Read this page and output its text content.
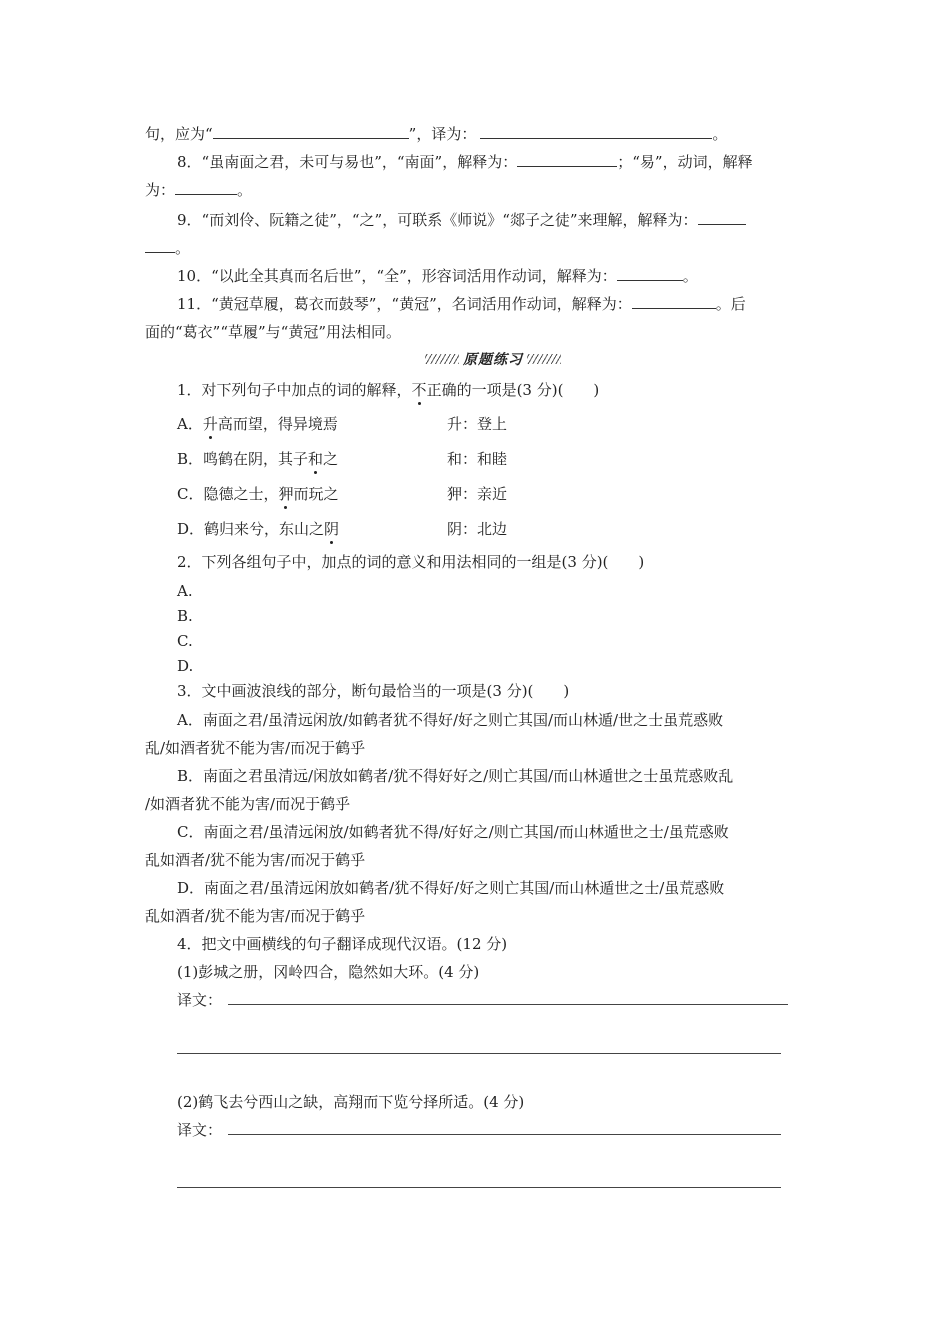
句，应为“	”，译为：	。
8．“虽南面之君，未可与易也”，“南面”，解释为：	；“易”，动词，解释
为：	。
9．“而刘伶、阮籍之徒”，“之”，可联系《师说》“郯子之徒”来理解，解释为：
。
10．“以此全其真而名后世”，“全”，形容词活用作动词，解释为：	。
11．“黄冠草履，葛衣而鼓琴”，“黄冠”，名词活用作动词，解释为：	。后
面的“葛衣”“草履”与“黄冠”用法相同。
原题练习
1．对下列句子中加点的词的解释，不正确的一项是(3 分)(　　)
A．升高而望，得异境焉	升：登上
B．鸣鹤在阴，其子和之	和：和睦
C．隐德之士，狎而玩之	狎：亲近
D．鹤归来兮，东山之阴	阴：北边
2．下列各组句子中，加点的词的意义和用法相同的一组是(3 分)(　　)
A.
B.
C.
D.
3．文中画波浪线的部分，断句最恰当的一项是(3 分)(　　)
A．南面之君/虽清远闲放/如鹤者犹不得好/好之则亡其国/而山林遁/世之士虽荒惑败
乱/如酒者犹不能为害/而况于鹤乎
B．南面之君虽清远/闲放如鹤者/犹不得好好之/则亡其国/而山林遁世之士虽荒惑败乱
/如酒者犹不能为害/而况于鹤乎
C．南面之君/虽清远闲放/如鹤者犹不得/好好之/则亡其国/而山林遁世之士/虽荒惑败
乱如酒者/犹不能为害/而况于鹤乎
D．南面之君/虽清远闲放如鹤者/犹不得好/好之则亡其国/而山林遁世之士/虽荒惑败
乱如酒者/犹不能为害/而况于鹤乎
4．把文中画横线的句子翻译成现代汉语。(12 分)
(1)彭城之册，冈岭四合，隐然如大环。(4 分)
译文：
(2)鹤飞去兮西山之缺，高翔而下览兮择所适。(4 分)
译文：
